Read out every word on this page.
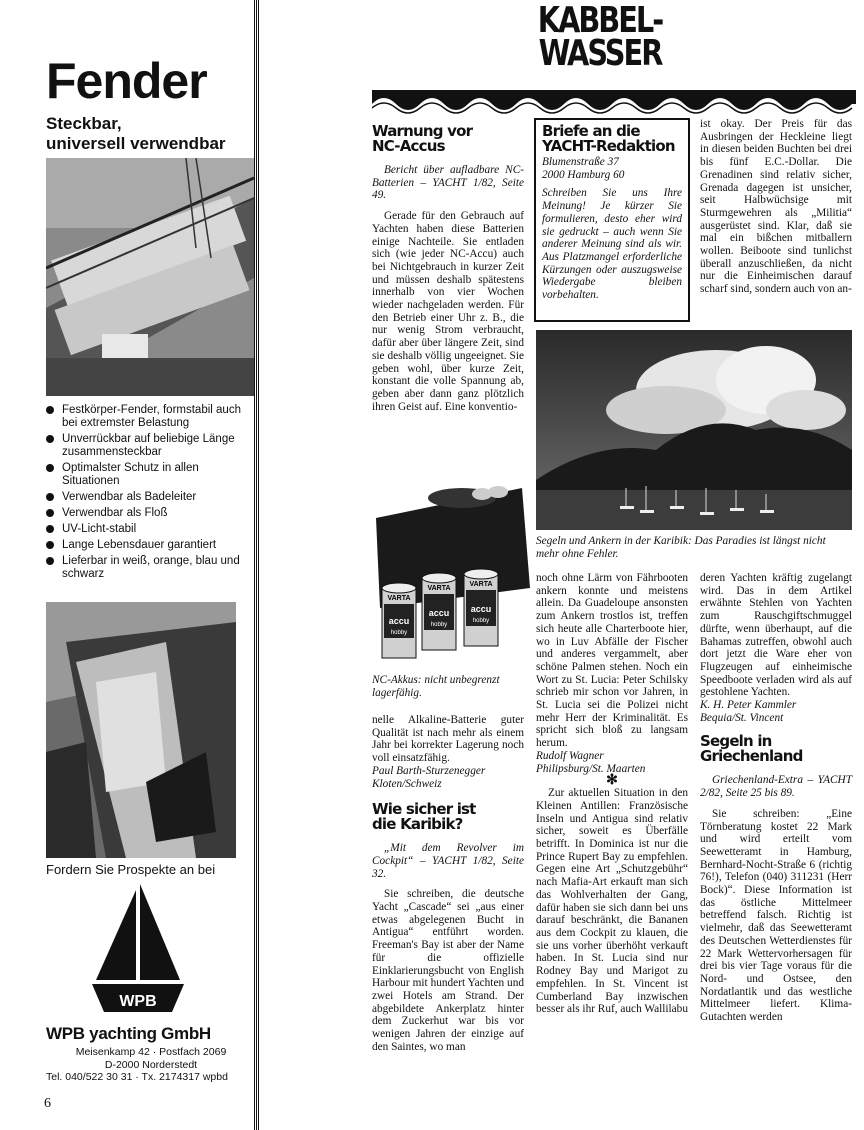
Fender
Steckbar,
universell verwendbar
Festkörper-Fender, formstabil auch bei extremster Belastung
Unverrückbar auf beliebige Länge zusammensteckbar
Optimalster Schutz in allen Situationen
Verwendbar als Badeleiter
Verwendbar als Floß
UV-Licht-stabil
Lange Lebensdauer garantiert
Lieferbar in weiß, orange, blau und schwarz
Fordern Sie Prospekte an bei
WPB
WPB yachting GmbH
Meisenkamp 42 · Postfach 2069
D-2000 Norderstedt
Tel. 040/522 30 31 · Tx. 2174317 wpbd
6
KABBEL-
WASSER
Warnung vor
NC-Accus

Bericht über aufladbare NC-Batterien – YACHT 1/82, Seite 49.

Gerade für den Gebrauch auf Yachten haben diese Batterien einige Nachteile. Sie entladen sich (wie jeder NC-Accu) auch bei Nichtgebrauch in kurzer Zeit und müssen deshalb spätestens innerhalb von vier Wochen wieder nachgeladen werden. Für den Betrieb einer Uhr z. B., die nur wenig Strom verbraucht, dafür aber über längere Zeit, sind sie deshalb völlig ungeeignet. Sie geben wohl, über kurze Zeit, konstant die volle Spannung ab, geben aber dann ganz plötzlich ihren Geist auf. Eine konventio-

VARTA
VARTA
VARTA
accu
accu accu
hobby
hobby
hobby
NC-Akkus: nicht unbegrenzt lagerfähig.

nelle Alkaline-Batterie guter Qualität ist nach mehr als einem Jahr bei korrekter Lagerung noch voll einsatzfähig.

Paul Barth-Sturzenegger

Kloten/Schweiz

Wie sicher ist
die Karibik?

„Mit dem Revolver im Cockpit“ – YACHT 1/82, Seite 32.

Sie schreiben, die deutsche Yacht „Cascade“ sei „aus einer etwas abgelegenen Bucht in Antigua“ entführt worden. Freeman's Bay ist aber der Name für die offizielle Einklarierungsbucht von English Harbour mit hundert Yachten und zwei Hotels am Strand. Der abgebildete Ankerplatz hinter dem Zuckerhut war bis vor wenigen Jahren der einzige auf den Saintes, wo man

Briefe an die
YACHT-Redaktion
Blumenstraße 37
2000 Hamburg 60
Schreiben Sie uns Ihre Meinung! Je kürzer Sie formulieren, desto eher wird sie gedruckt – auch wenn Sie anderer Meinung sind als wir. Aus Platzmangel erforderliche Kürzungen oder auszugsweise Wiedergabe bleiben vorbehalten.
Segeln und Ankern in der Karibik: Das Paradies ist längst nicht mehr ohne Fehler.

ist okay. Der Preis für das Ausbringen der Heckleine liegt in diesen beiden Buchten bei drei bis fünf E.C.-Dollar. Die Grenadinen sind relativ sicher, Grenada dagegen ist unsicher, seit Halbwüchsige mit Sturmgewehren als „Militia“ ausgerüstet sind. Klar, daß sie mal ein bißchen mitballern wollen. Beiboote sind tunlichst überall anzuschließen, da nicht nur die Einheimischen darauf scharf sind, sondern auch von an-

noch ohne Lärm von Fährbooten ankern konnte und meistens allein. Da Guadeloupe ansonsten zum Ankern trostlos ist, treffen sich heute alle Charterboote hier, wo in Luv Abfälle der Fischer und anderes vergammelt, aber schöne Palmen stehen. Noch ein Wort zu St. Lucia: Peter Schilsky schrieb mir schon vor Jahren, in St. Lucia sei die Polizei nicht mehr Herr der Kriminalität. Es spricht sich bloß zu langsam herum.

Rudolf Wagner

Philipsburg/St. Maarten

✻

Zur aktuellen Situation in den Kleinen Antillen: Französische Inseln und Antigua sind relativ sicher, soweit es Überfälle betrifft. In Dominica ist nur die Prince Rupert Bay zu empfehlen. Gegen eine Art „Schutzgebühr“ nach Mafia-Art erkauft man sich das Wohlverhalten der Gang, dafür haben sie sich dann bei uns darauf beschränkt, die Bananen aus dem Cockpit zu klauen, die sie uns vorher überhöht verkauft haben. In St. Lucia sind nur Rodney Bay und Marigot zu empfehlen. In St. Vincent ist Cumberland Bay inzwischen besser als ihr Ruf, auch Wallilabu

deren Yachten kräftig zugelangt wird. Das in dem Artikel erwähnte Stehlen von Yachten zum Rauschgiftschmuggel dürfte, wenn überhaupt, auf die Bahamas zutreffen, obwohl auch dort jetzt die Ware eher von Flugzeugen auf einheimische Speedboote verladen wird als auf gestohlene Yachten.

K. H. Peter Kammler

Bequia/St. Vincent

Segeln in
Griechenland

Griechenland-Extra – YACHT 2/82, Seite 25 bis 89.

Sie schreiben: „Eine Törnberatung kostet 22 Mark und wird erteilt vom Seewetteramt in Hamburg, Bernhard-Nocht-Straße 6 (richtig 76!), Telefon (040) 311231 (Herr Bock)“. Diese Information ist das östliche Mittelmeer betreffend falsch. Richtig ist vielmehr, daß das Seewetteramt des Deutschen Wetterdienstes für 22 Mark Wettervorhersagen für drei bis vier Tage voraus für die Nord- und Ostsee, den Nordatlantik und das westliche Mittelmeer liefert. Klima-Gutachten werden
